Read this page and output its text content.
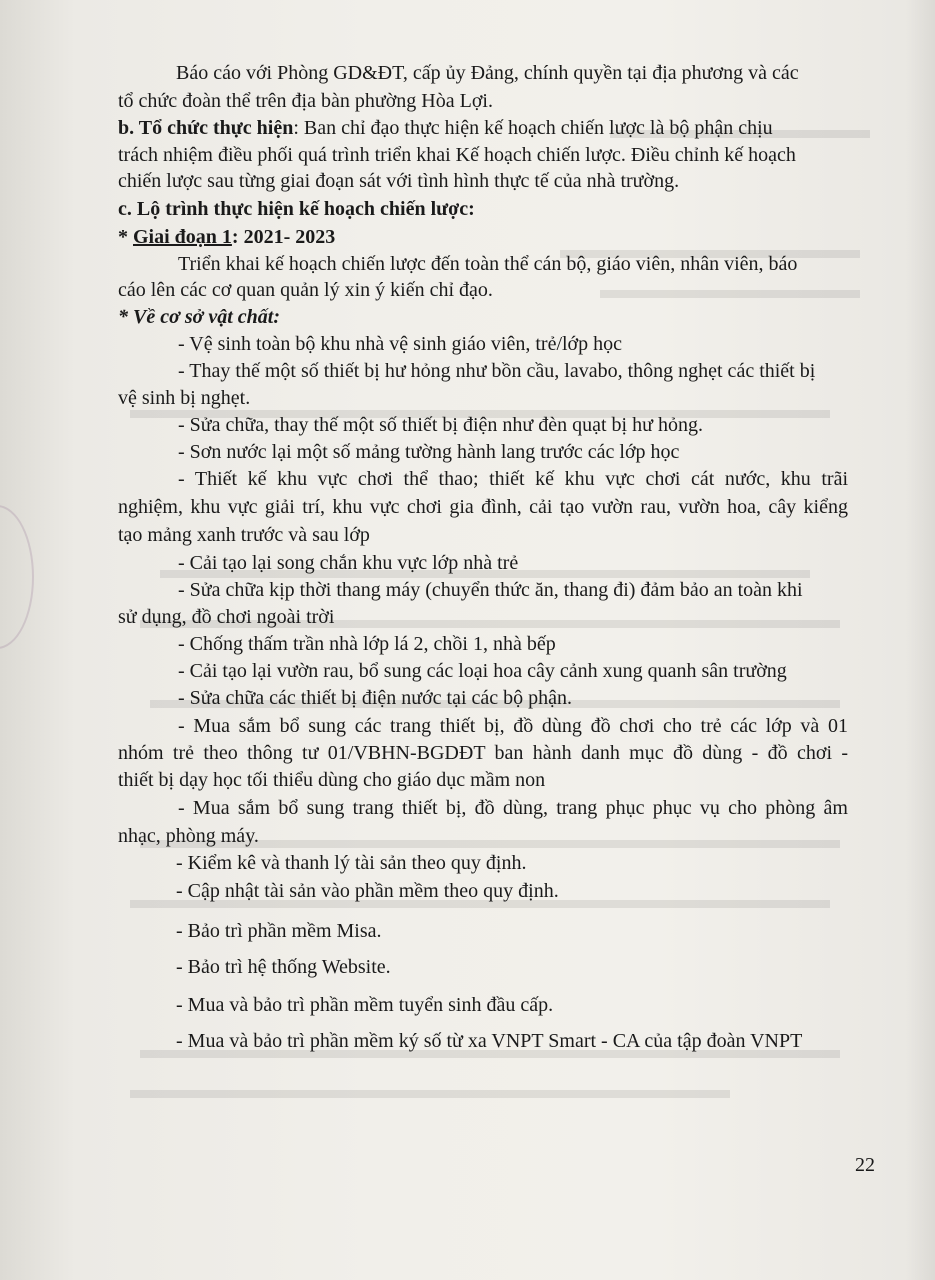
Báo cáo với Phòng GD&ĐT, cấp ủy Đảng, chính quyền tại địa phương và các
tổ chức đoàn thể trên địa bàn phường Hòa Lợi.
b. Tổ chức thực hiện: Ban chỉ đạo thực hiện kế hoạch chiến lược là bộ phận chịu
trách nhiệm điều phối quá trình triển khai Kế hoạch chiến lược. Điều chỉnh kế hoạch
chiến lược sau từng giai đoạn sát với tình hình thực tế của nhà trường.
c. Lộ trình thực hiện kế hoạch chiến lược:
* Giai đoạn 1: 2021- 2023
Triển khai kế hoạch chiến lược đến toàn thể cán bộ, giáo viên, nhân viên, báo
cáo lên các cơ quan quản lý xin ý kiến chỉ đạo.
* Về cơ sở vật chất:
- Vệ sinh toàn bộ khu nhà vệ sinh giáo viên, trẻ/lớp học
- Thay thế một số thiết bị hư hỏng như bồn cầu, lavabo, thông nghẹt các thiết bị
vệ sinh bị nghẹt.
- Sửa chữa, thay thế một số thiết bị điện như đèn quạt bị hư hỏng.
- Sơn nước lại một số mảng tường hành lang trước các lớp học
- Thiết kế khu vực chơi thể thao; thiết kế khu vực chơi cát nước, khu trãi
nghiệm, khu vực giải trí, khu vực chơi gia đình, cải tạo vườn rau, vườn hoa, cây kiểng
tạo mảng xanh trước và sau lớp
- Cải tạo lại song chắn khu vực lớp nhà trẻ
- Sửa chữa kịp thời thang máy (chuyển thức ăn, thang đi) đảm bảo an toàn khi
sử dụng, đồ chơi ngoài trời
- Chống thấm trần nhà lớp lá 2, chồi 1, nhà bếp
- Cải tạo lại vườn rau, bổ sung các loại hoa cây cảnh xung quanh sân trường
- Sửa chữa các thiết bị điện nước tại các bộ phận.
- Mua sắm bổ sung các trang thiết bị, đồ dùng đồ chơi cho trẻ các lớp và 01
nhóm trẻ theo thông tư 01/VBHN-BGDĐT ban hành danh mục đồ dùng - đồ chơi -
thiết bị dạy học tối thiểu dùng cho giáo dục mầm non
- Mua sắm bổ sung trang thiết bị, đồ dùng, trang phục phục vụ cho phòng âm
nhạc, phòng máy.
- Kiểm kê và thanh lý tài sản theo quy định.
- Cập nhật tài sản vào phần mềm theo quy định.
- Bảo trì phần mềm Misa.
- Bảo trì hệ thống Website.
- Mua và bảo trì phần mềm tuyển sinh đầu cấp.
- Mua và bảo trì phần mềm ký số từ xa VNPT Smart - CA của tập đoàn VNPT
22
